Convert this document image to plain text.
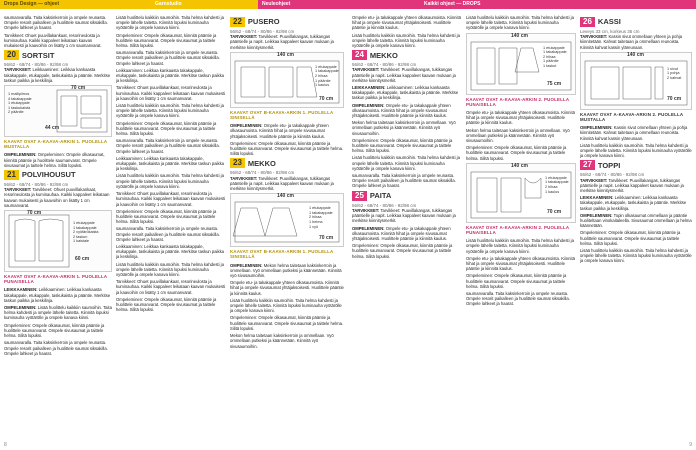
Drops Design — ohjeet	Garnstudio	Neuleohjeet	Kaikki ohjeet — DROPS

saumanvaralla. Taita kaksinkerroin ja ompele reunasta. Ompele resorit paikalleen ja huolittele saumat siksakilla. Ompele lahkeet ja haarat.

Tarvikkeet: Ohuet puuvillakankaat, resorineulosta ja kuminauhaa. Kaikki kappaleet leikataan kaavan mukaisesti ja kaavoihin on lisätty 1 cm saumanvarat.

20 SORTSIT
56/62 - 68/74 - 80/86 - 92/98 cm

TARVIKKEET: Leikkaaminen: Leikkaa kankaasta takakappale, etukappale, taskukaista ja pääntie. Merkitse taskun paikka ja keskilinja.

1 mallipiirros
4 takakappale
1 etukappale
1 taskukaista
2 pääntie
70 cm
44 cm
KAAVAT OVAT A-KAAVA-ARKIN 1. PUOLELLA MUSTALLA

OMPELEMINEN: Ompeleminen: Ompele olkasaumat, kiinnitä pääntie ja huolittele saumanvarat. Ompele sivusaumat ja taittele helma. Silitä lopuksi.

21 POLVIHOUSUT
56/62 - 68/74 - 80/86 - 92/98 cm

TARVIKKEET: Tarvikkeet: Ohuet puuvillakankaat, resorineulosta ja kuminauhaa. Kaikki kappaleet leikataan kaavan mukaisesti ja kaavoihin on lisätty 1 cm saumanvarat.

1 etukappale
1 takakappale
2 vyötärökaista
2 taskun
1 kaistale
70 cm
60 cm
KAAVAT OVAT A-KAAVA-ARKIN 1. PUOLELLA PUNAISELLA

LEIKKAAMINEN: Leikkaaminen: Leikkaa kankaasta takakappale, etukappale, taskukaista ja pääntie. Merkitse taskun paikka ja keskilinja.

OMPELEMINEN: Lisää huolittelu kaikkiin saumoihin. Taita helma kahdesti ja ompele lähelle taitetta. Kiinnitä lopuksi kuminauha vyötärölle ja ompele kanava kiinni.

Ompeleminen: Ompele olkasaumat, kiinnitä pääntie ja huolittele saumanvarat. Ompele sivusaumat ja taittele helma. Silitä lopuksi.

saumanvaralla. Taita kaksinkerroin ja ompele reunasta. Ompele resorit paikalleen ja huolittele saumat siksakilla. Ompele lahkeet ja haarat.

Lisää huolittelu kaikkiin saumoihin. Taita helma kahdesti ja ompele lähelle taitetta. Kiinnitä lopuksi kuminauha vyötärölle ja ompele kanava kiinni.

Ompeleminen: Ompele olkasaumat, kiinnitä pääntie ja huolittele saumanvarat. Ompele sivusaumat ja taittele helma. Silitä lopuksi.

saumanvaralla. Taita kaksinkerroin ja ompele reunasta. Ompele resorit paikalleen ja huolittele saumat siksakilla. Ompele lahkeet ja haarat.

Leikkaaminen: Leikkaa kankaasta takakappale, etukappale, taskukaista ja pääntie. Merkitse taskun paikka ja keskilinja.

Tarvikkeet: Ohuet puuvillakankaat, resorineulosta ja kuminauhaa. Kaikki kappaleet leikataan kaavan mukaisesti ja kaavoihin on lisätty 1 cm saumanvarat.

Lisää huolittelu kaikkiin saumoihin. Taita helma kahdesti ja ompele lähelle taitetta. Kiinnitä lopuksi kuminauha vyötärölle ja ompele kanava kiinni.

Ompeleminen: Ompele olkasaumat, kiinnitä pääntie ja huolittele saumanvarat. Ompele sivusaumat ja taittele helma. Silitä lopuksi.

saumanvaralla. Taita kaksinkerroin ja ompele reunasta. Ompele resorit paikalleen ja huolittele saumat siksakilla. Ompele lahkeet ja haarat.

Leikkaaminen: Leikkaa kankaasta takakappale, etukappale, taskukaista ja pääntie. Merkitse taskun paikka ja keskilinja.

Lisää huolittelu kaikkiin saumoihin. Taita helma kahdesti ja ompele lähelle taitetta. Kiinnitä lopuksi kuminauha vyötärölle ja ompele kanava kiinni.

Tarvikkeet: Ohuet puuvillakankaat, resorineulosta ja kuminauhaa. Kaikki kappaleet leikataan kaavan mukaisesti ja kaavoihin on lisätty 1 cm saumanvarat.

Ompeleminen: Ompele olkasaumat, kiinnitä pääntie ja huolittele saumanvarat. Ompele sivusaumat ja taittele helma. Silitä lopuksi.

saumanvaralla. Taita kaksinkerroin ja ompele reunasta. Ompele resorit paikalleen ja huolittele saumat siksakilla. Ompele lahkeet ja haarat.

Leikkaaminen: Leikkaa kankaasta takakappale, etukappale, taskukaista ja pääntie. Merkitse taskun paikka ja keskilinja.

Lisää huolittelu kaikkiin saumoihin. Taita helma kahdesti ja ompele lähelle taitetta. Kiinnitä lopuksi kuminauha vyötärölle ja ompele kanava kiinni.

Tarvikkeet: Ohuet puuvillakankaat, resorineulosta ja kuminauhaa. Kaikki kappaleet leikataan kaavan mukaisesti ja kaavoihin on lisätty 1 cm saumanvarat.

Ompeleminen: Ompele olkasaumat, kiinnitä pääntie ja huolittele saumanvarat. Ompele sivusaumat ja taittele helma. Silitä lopuksi.

22 PUSERO
56/62 - 68/74 - 80/86 - 92/98 cm

TARVIKKEET: Tarvikkeet: Puuvillakangas, tukikangas pääntielle ja napit. Leikkaa kappaleet kaavan mukaan ja merkitse kiinnitysmerkit.

1 etukappale
1 takakappale
2 hihaa
1 pääntie
1 kaulus
140 cm
70 cm
KAAVAT OVAT B-KAAVA-ARKIN 1. PUOLELLA SINISELLÄ

OMPELEMINEN: Ompele etu- ja takakappale yhteen olkasaumoista. Kiinnitä hihat ja ompele sivusaumat yhtäjaksoisesti. Huolittele pääntie ja kiinnitä kaulus.

Ompeleminen: Ompele olkasaumat, kiinnitä pääntie ja huolittele saumanvarat. Ompele sivusaumat ja taittele helma. Silitä lopuksi.

23 MEKKO
56/62 - 68/74 - 80/86 - 92/98 cm

TARVIKKEET: Tarvikkeet: Puuvillakangas, tukikangas pääntielle ja napit. Leikkaa kappaleet kaavan mukaan ja merkitse kiinnitysmerkit.

1 etukappale
1 takakappale
2 hihaa
1 helma
1 vyö
140 cm
70 cm
KAAVAT OVAT B-KAAVA-ARKIN 1. PUOLELLA SINISELLÄ

OMPELEMINEN: Mekon helma taitetaan kaksinkerroin ja ommellaan. Vyö ommellaan putkeksi ja käännetään. Kiinnitä vyö sivusaumoihin.

Ompele etu- ja takakappale yhteen olkasaumoista. Kiinnitä hihat ja ompele sivusaumat yhtäjaksoisesti. Huolittele pääntie ja kiinnitä kaulus.

Lisää huolittelu kaikkiin saumoihin. Taita helma kahdesti ja ompele lähelle taitetta. Kiinnitä lopuksi kuminauha vyötärölle ja ompele kanava kiinni.

Ompeleminen: Ompele olkasaumat, kiinnitä pääntie ja huolittele saumanvarat. Ompele sivusaumat ja taittele helma. Silitä lopuksi.

Mekon helma taitetaan kaksinkerroin ja ommellaan. Vyö ommellaan putkeksi ja käännetään. Kiinnitä vyö sivusaumoihin.

8

Ompele etu- ja takakappale yhteen olkasaumoista. Kiinnitä hihat ja ompele sivusaumat yhtäjaksoisesti. Huolittele pääntie ja kiinnitä kaulus.

Lisää huolittelu kaikkiin saumoihin. Taita helma kahdesti ja ompele lähelle taitetta. Kiinnitä lopuksi kuminauha vyötärölle ja ompele kanava kiinni.

24 MEKKO
56/62 - 68/74 - 80/86 - 92/98 cm

TARVIKKEET: Tarvikkeet: Puuvillakangas, tukikangas pääntielle ja napit. Leikkaa kappaleet kaavan mukaan ja merkitse kiinnitysmerkit.

LEIKKAAMINEN: Leikkaaminen: Leikkaa kankaasta takakappale, etukappale, taskukaista ja pääntie. Merkitse taskun paikka ja keskilinja.

OMPELEMINEN: Ompele etu- ja takakappale yhteen olkasaumoista. Kiinnitä hihat ja ompele sivusaumat yhtäjaksoisesti. Huolittele pääntie ja kiinnitä kaulus.

Mekon helma taitetaan kaksinkerroin ja ommellaan. Vyö ommellaan putkeksi ja käännetään. Kiinnitä vyö sivusaumoihin.

Ompeleminen: Ompele olkasaumat, kiinnitä pääntie ja huolittele saumanvarat. Ompele sivusaumat ja taittele helma. Silitä lopuksi.

Lisää huolittelu kaikkiin saumoihin. Taita helma kahdesti ja ompele lähelle taitetta. Kiinnitä lopuksi kuminauha vyötärölle ja ompele kanava kiinni.

saumanvaralla. Taita kaksinkerroin ja ompele reunasta. Ompele resorit paikalleen ja huolittele saumat siksakilla. Ompele lahkeet ja haarat.

25 PAITA
56/62 - 68/74 - 80/86 - 92/98 cm

TARVIKKEET: Tarvikkeet: Puuvillakangas, tukikangas pääntielle ja napit. Leikkaa kappaleet kaavan mukaan ja merkitse kiinnitysmerkit.

OMPELEMINEN: Ompele etu- ja takakappale yhteen olkasaumoista. Kiinnitä hihat ja ompele sivusaumat yhtäjaksoisesti. Huolittele pääntie ja kiinnitä kaulus.

Ompeleminen: Ompele olkasaumat, kiinnitä pääntie ja huolittele saumanvarat. Ompele sivusaumat ja taittele helma. Silitä lopuksi.

Lisää huolittelu kaikkiin saumoihin. Taita helma kahdesti ja ompele lähelle taitetta. Kiinnitä lopuksi kuminauha vyötärölle ja ompele kanava kiinni.

1 etukappale
1 takakappale
2 hihaa
1 pääntie
1 taskut
140 cm
75 cm
KAAVAT OVAT A-KAAVA-ARKIN 2. PUOLELLA PUNAISELLA

Ompele etu- ja takakappale yhteen olkasaumoista. Kiinnitä hihat ja ompele sivusaumat yhtäjaksoisesti. Huolittele pääntie ja kiinnitä kaulus.

Mekon helma taitetaan kaksinkerroin ja ommellaan. Vyö ommellaan putkeksi ja käännetään. Kiinnitä vyö sivusaumoihin.

Ompeleminen: Ompele olkasaumat, kiinnitä pääntie ja huolittele saumanvarat. Ompele sivusaumat ja taittele helma. Silitä lopuksi.

1 etukappale
1 takakappale
2 hihaa
1 kaulus
140 cm
70 cm
KAAVAT OVAT A-KAAVA-ARKIN 2. PUOLELLA PUNAISELLA

Lisää huolittelu kaikkiin saumoihin. Taita helma kahdesti ja ompele lähelle taitetta. Kiinnitä lopuksi kuminauha vyötärölle ja ompele kanava kiinni.

Ompele etu- ja takakappale yhteen olkasaumoista. Kiinnitä hihat ja ompele sivusaumat yhtäjaksoisesti. Huolittele pääntie ja kiinnitä kaulus.

Ompeleminen: Ompele olkasaumat, kiinnitä pääntie ja huolittele saumanvarat. Ompele sivusaumat ja taittele helma. Silitä lopuksi.

saumanvaralla. Taita kaksinkerroin ja ompele reunasta. Ompele resorit paikalleen ja huolittele saumat siksakilla. Ompele lahkeet ja haarat.

26 KASSI
Leveys 33 cm, korkeus 35 cm

TARVIKKEET: Kassin sivut ommellaan yhteen ja pohja kiinnitetään. Kahvat taitetaan ja ommellaan reunoista. Kiinnitä kahvat kassin yläreunaan.

1 sivut
1 pohja
2 kahvat
140 cm
70 cm
KAAVAT OVAT A-KAAVA-ARKIN 2. PUOLELLA MUSTALLA

OMPELEMINEN: Kassin sivut ommellaan yhteen ja pohja kiinnitetään. Kahvat taitetaan ja ommellaan reunoista. Kiinnitä kahvat kassin yläreunaan.

Lisää huolittelu kaikkiin saumoihin. Taita helma kahdesti ja ompele lähelle taitetta. Kiinnitä lopuksi kuminauha vyötärölle ja ompele kanava kiinni.

27 TOPPI
56/62 - 68/74 - 80/86 - 92/98 cm

TARVIKKEET: Tarvikkeet: Puuvillakangas, tukikangas pääntielle ja napit. Leikkaa kappaleet kaavan mukaan ja merkitse kiinnitysmerkit.

LEIKKAAMINEN: Leikkaaminen: Leikkaa kankaasta takakappale, etukappale, taskukaista ja pääntie. Merkitse taskun paikka ja keskilinja.

OMPELEMINEN: Topin olkasaumat ommellaan ja pääntie huoliteltaan vinokaitaleella. Sivusaumat ommellaan ja helma käännetään.

Ompeleminen: Ompele olkasaumat, kiinnitä pääntie ja huolittele saumanvarat. Ompele sivusaumat ja taittele helma. Silitä lopuksi.

Lisää huolittelu kaikkiin saumoihin. Taita helma kahdesti ja ompele lähelle taitetta. Kiinnitä lopuksi kuminauha vyötärölle ja ompele kanava kiinni.

9
